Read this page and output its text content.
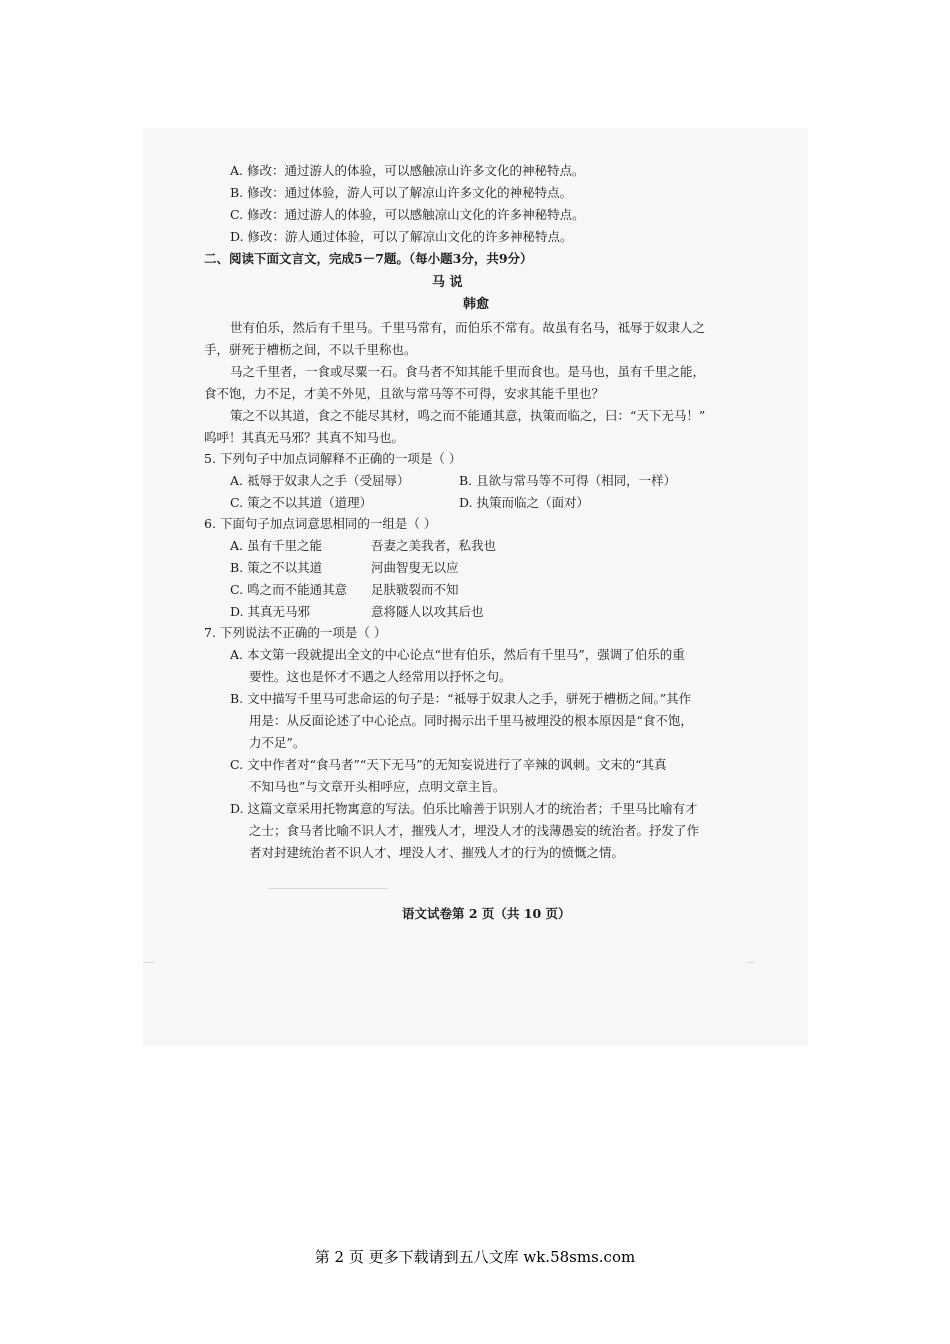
A. 修改：通过游人的体验，可以感触凉山许多文化的神秘特点。
B. 修改：通过体验，游人可以了解凉山许多文化的神秘特点。
C. 修改：通过游人的体验，可以感触凉山文化的许多神秘特点。
D. 修改：游人通过体验，可以了解凉山文化的许多神秘特点。
二、阅读下面文言文，完成5－7题。（每小题3分，共9分）
马 说
韩愈
世有伯乐，然后有千里马。千里马常有，而伯乐不常有。故虽有名马，祗辱于奴隶人之
手，骈死于槽枥之间，不以千里称也。
马之千里者，一食或尽粟一石。食马者不知其能千里而食也。是马也，虽有千里之能，
食不饱，力不足，才美不外见，且欲与常马等不可得，安求其能千里也？
策之不以其道，食之不能尽其材，鸣之而不能通其意，执策而临之，曰：“天下无马！”
呜呼！其真无马邪？其真不知马也。
5. 下列句子中加点词解释不正确的一项是（ ）
A. 祗辱于奴隶人之手（受屈辱）	B. 且欲与常马等不可得（相同，一样）
C. 策之不以其道（道理）	D. 执策而临之（面对）
6. 下面句子加点词意思相同的一组是（ ）
A. 虽有千里之能	吾妻之美我者，私我也
B. 策之不以其道	河曲智叟无以应
C. 鸣之而不能通其意 足肤皲裂而不知
D. 其真无马邪	意将隧人以攻其后也
7. 下列说法不正确的一项是（ ）
A. 本文第一段就提出全文的中心论点“世有伯乐，然后有千里马”，强调了伯乐的重
要性。这也是怀才不遇之人经常用以抒怀之句。
B. 文中描写千里马可悲命运的句子是：“祗辱于奴隶人之手，骈死于槽枥之间。”其作
用是：从反面论述了中心论点。同时揭示出千里马被埋没的根本原因是“食不饱，
力不足”。
C. 文中作者对“食马者”“天下无马”的无知妄说进行了辛辣的讽刺。文末的“其真
不知马也”与文章开头相呼应，点明文章主旨。
D. 这篇文章采用托物寓意的写法。伯乐比喻善于识别人才的统治者；千里马比喻有才
之士；食马者比喻不识人才，摧残人才，埋没人才的浅薄愚妄的统治者。抒发了作
者对封建统治者不识人才、埋没人才、摧残人才的行为的愤慨之情。
语文试卷第 2 页（共 10 页）
第 2 页 更多下载请到五八文库 wk.58sms.com
